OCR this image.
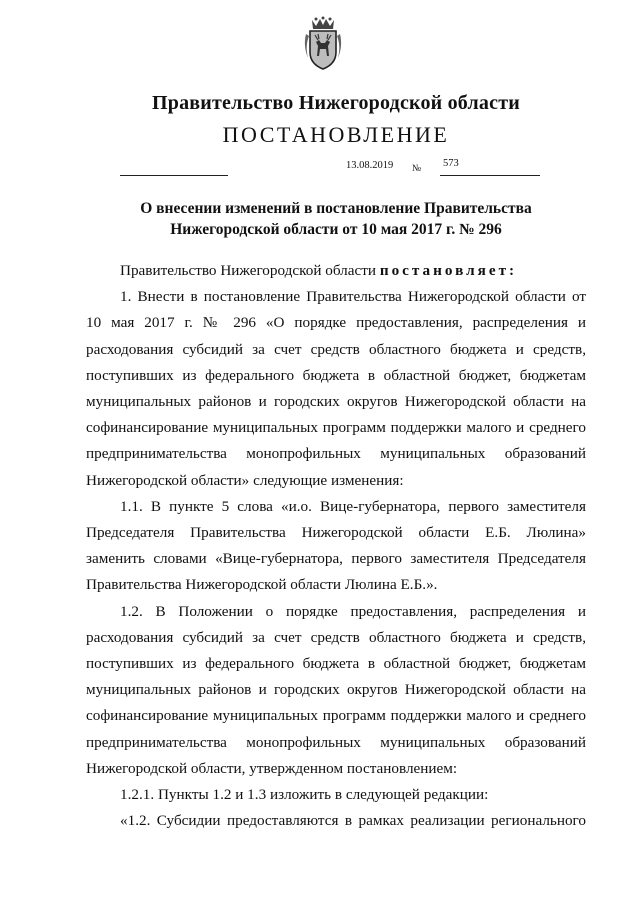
Правительство Нижегородской области
ПОСТАНОВЛЕНИЕ
13.08.2019 № 573
О внесении изменений в постановление Правительства
Нижегородской области от 10 мая 2017 г. № 296

Правительство Нижегородской области постановляет:

1. Внести в постановление Правительства Нижегородской области от 10 мая 2017 г. № 296 «О порядке предоставления, распределения и расходования субсидий за счет средств областного бюджета и средств, поступивших из федерального бюджета в областной бюджет, бюджетам муниципальных районов и городских округов Нижегородской области на софинансирование муниципальных программ поддержки малого и среднего предпринимательства монопрофильных муниципальных образований Нижегородской области» следующие изменения:

1.1. В пункте 5 слова «и.о. Вице-губернатора, первого заместителя Председателя Правительства Нижегородской области Е.Б. Люлина» заменить словами «Вице-губернатора, первого заместителя Председателя Правительства Нижегородской области Люлина Е.Б.».

1.2. В Положении о порядке предоставления, распределения и расходования субсидий за счет средств областного бюджета и средств, поступивших из федерального бюджета в областной бюджет, бюджетам муниципальных районов и городских округов Нижегородской области на софинансирование муниципальных программ поддержки малого и среднего предпринимательства монопрофильных муниципальных образований Нижегородской области, утвержденном постановлением:

1.2.1. Пункты 1.2 и 1.3 изложить в следующей редакции:

«1.2. Субсидии предоставляются в рамках реализации регионального
